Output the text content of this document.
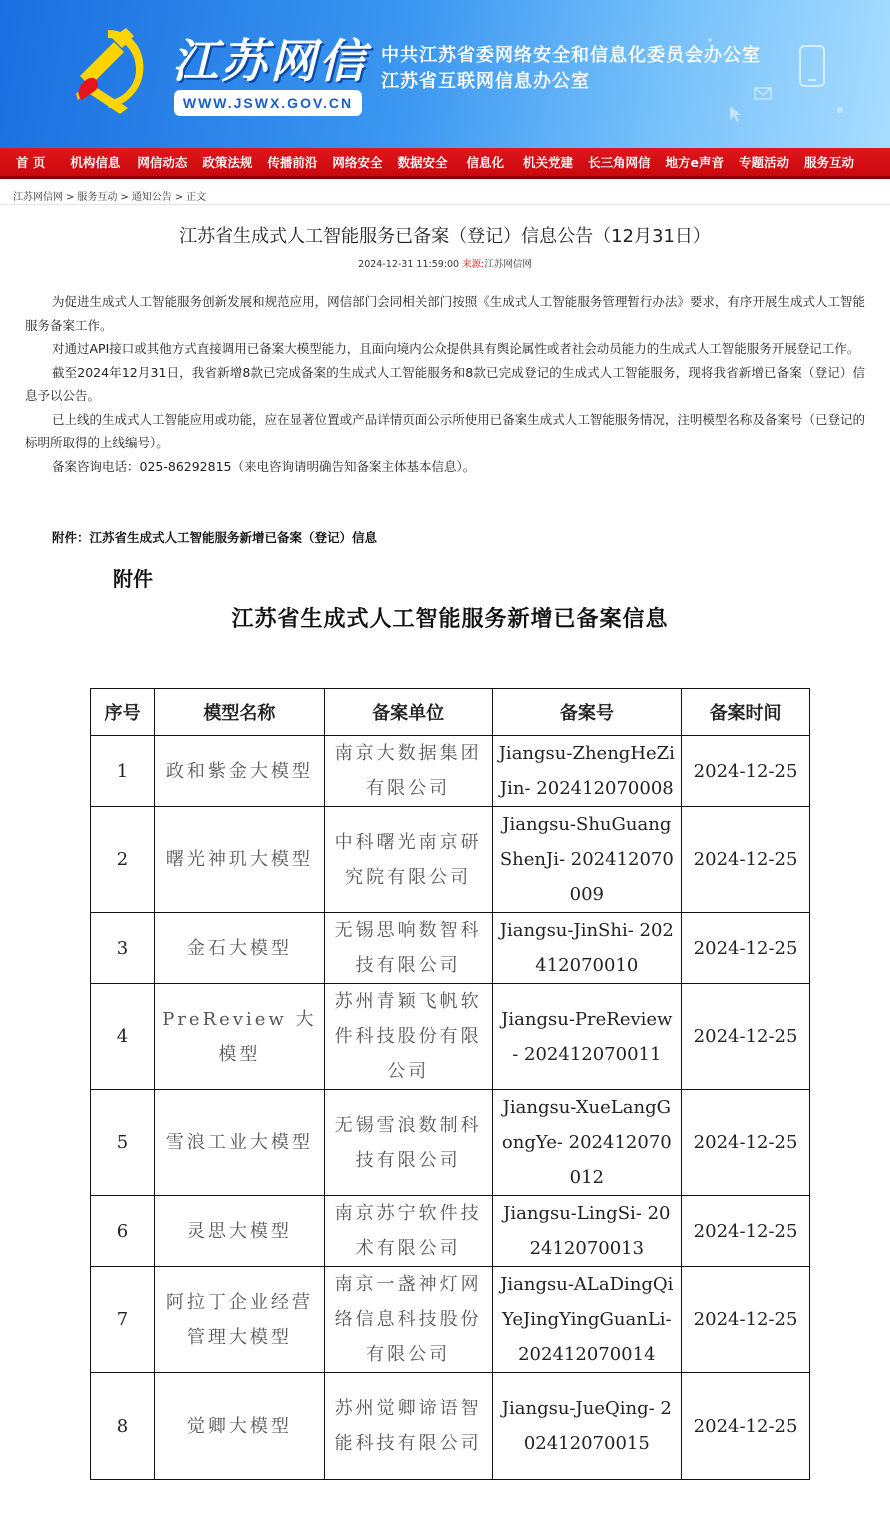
江苏网信
WWW.JSWX.GOV.CN
中共江苏省委网络安全和信息化委员会办公室
江苏省互联网信息办公室
首 页 机构信息 网信动态 政策法规 传播前沿 网络安全 数据安全 信息化 机关党建 长三角网信 地方e声音 专题活动 服务互动
江苏网信网 > 服务互动 > 通知公告 > 正文
江苏省生成式人工智能服务已备案（登记）信息公告（12月31日）
2024-12-31 11:59:00 来源:江苏网信网

为促进生成式人工智能服务创新发展和规范应用，网信部门会同相关部门按照《生成式人工智能服务管理暂行办法》要求，有序开展生成式人工智能服务备案工作。

对通过API接口或其他方式直接调用已备案大模型能力，且面向境内公众提供具有舆论属性或者社会动员能力的生成式人工智能服务开展登记工作。

截至2024年12月31日，我省新增8款已完成备案的生成式人工智能服务和8款已完成登记的生成式人工智能服务，现将我省新增已备案（登记）信息予以公告。

已上线的生成式人工智能应用或功能，应在显著位置或产品详情页面公示所使用已备案生成式人工智能服务情况，注明模型名称及备案号（已登记的标明所取得的上线编号）。

备案咨询电话：025-86292815（来电咨询请明确告知备案主体基本信息）。

附件：江苏省生成式人工智能服务新增已备案（登记）信息
附件
江苏省生成式人工智能服务新增已备案信息
序号	模型名称	备案单位	备案号	备案时间
1	政和紫金大模型	南京大数据集团有限公司	Jiangsu-ZhengHeZiJin- 202412070008	2024-12-25
2	曙光神玑大模型	中科曙光南京研究院有限公司	Jiangsu-ShuGuangShenJi- 202412070009	2024-12-25
3	金石大模型	无锡思响数智科技有限公司	Jiangsu-JinShi- 202412070010	2024-12-25
4	PreReview 大模型	苏州青颖飞帆软件科技股份有限公司	Jiangsu-PreReview - 202412070011	2024-12-25
5	雪浪工业大模型	无锡雪浪数制科技有限公司	Jiangsu-XueLangGongYe- 202412070012	2024-12-25
6	灵思大模型	南京苏宁软件技术有限公司	Jiangsu-LingSi- 202412070013	2024-12-25
7	阿拉丁企业经营管理大模型	南京一盏神灯网络信息科技股份有限公司	Jiangsu-ALaDingQiYeJingYingGuanLi- 202412070014	2024-12-25
8	觉卿大模型	苏州觉卿谛语智能科技有限公司	Jiangsu-JueQing- 202412070015	2024-12-25
